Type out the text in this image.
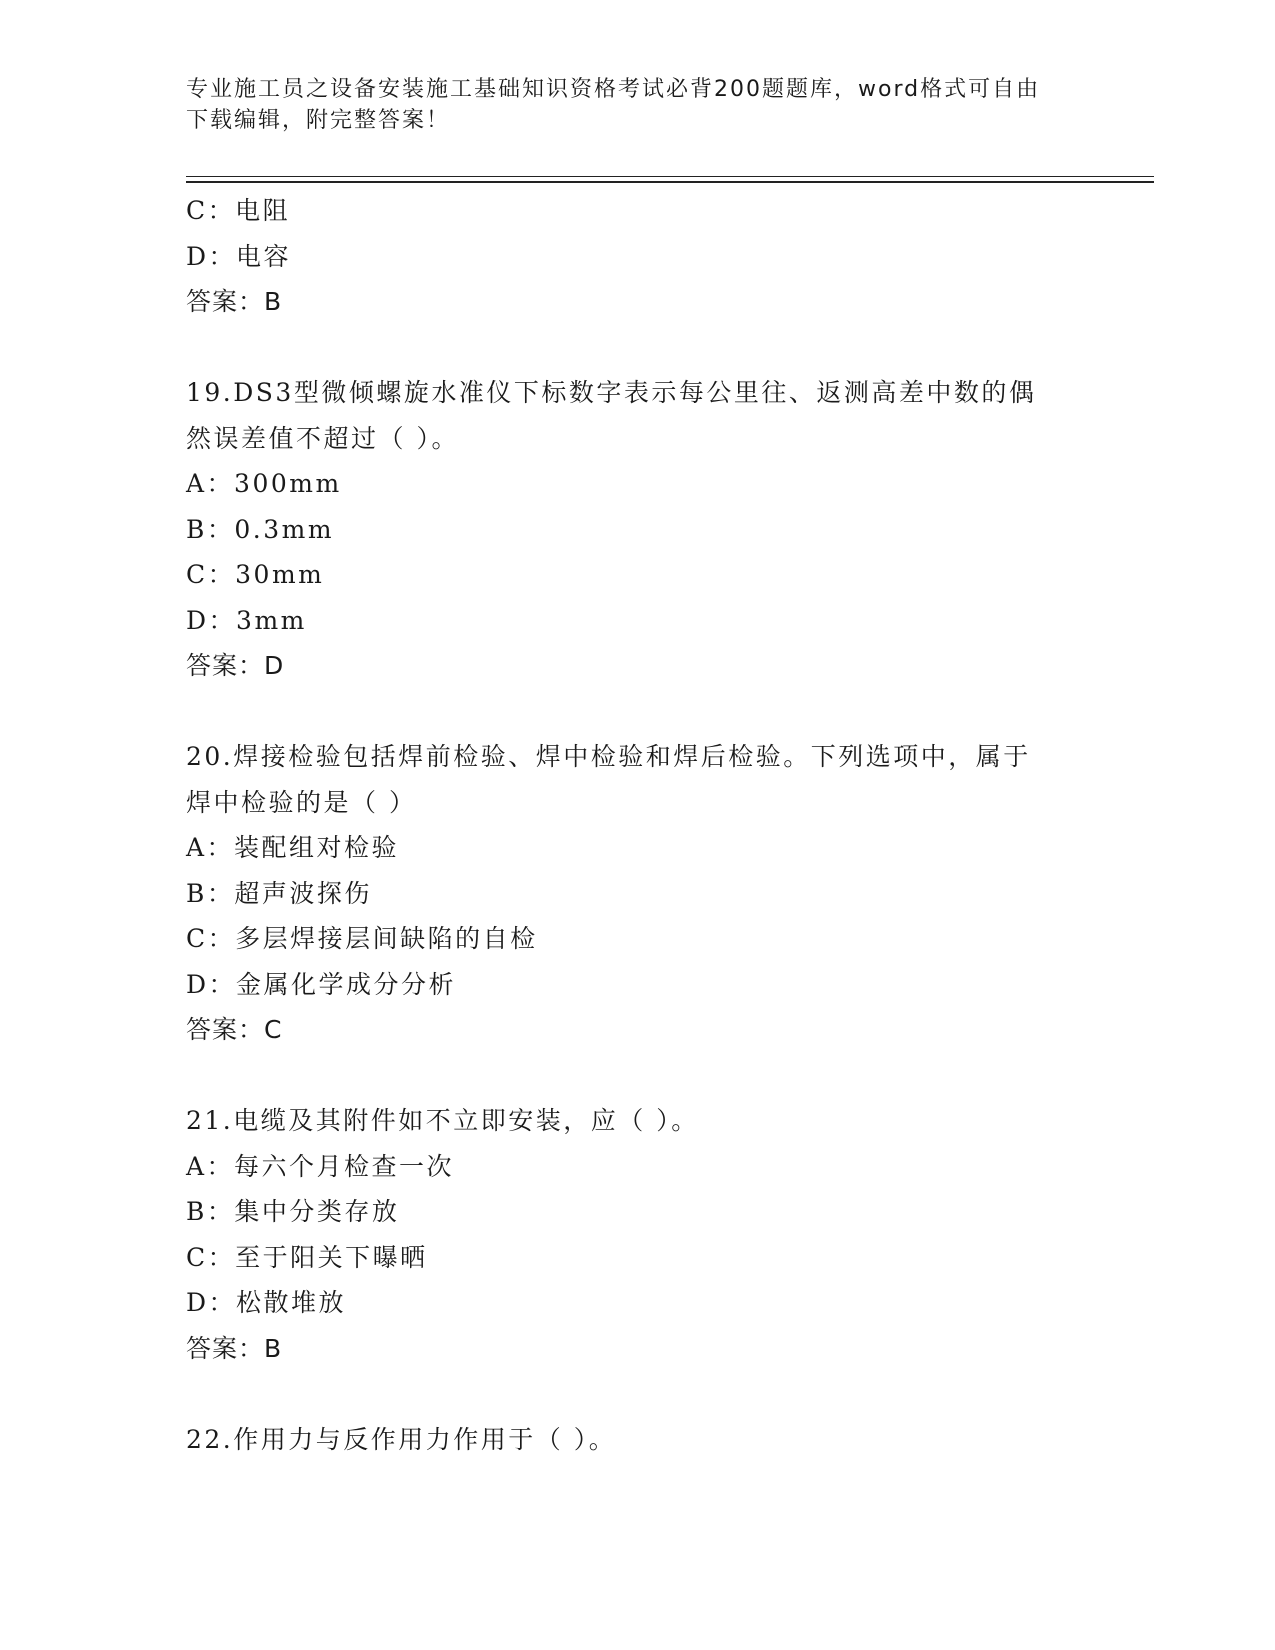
专业施工员之设备安装施工基础知识资格考试必背200题题库，word格式可自由
下载编辑，附完整答案！
C：电阻
D：电容
答案：B
19.DS3型微倾螺旋水准仪下标数字表示每公里往、返测高差中数的偶
然误差值不超过（ ）。
A：300mm
B：0.3mm
C：30mm
D：3mm
答案：D
20.焊接检验包括焊前检验、焊中检验和焊后检验。下列选项中，属于
焊中检验的是（ ）
A：装配组对检验
B：超声波探伤
C：多层焊接层间缺陷的自检
D：金属化学成分分析
答案：C
21.电缆及其附件如不立即安装，应（ ）。
A：每六个月检查一次
B：集中分类存放
C：至于阳关下曝晒
D：松散堆放
答案：B
22.作用力与反作用力作用于（ ）。
